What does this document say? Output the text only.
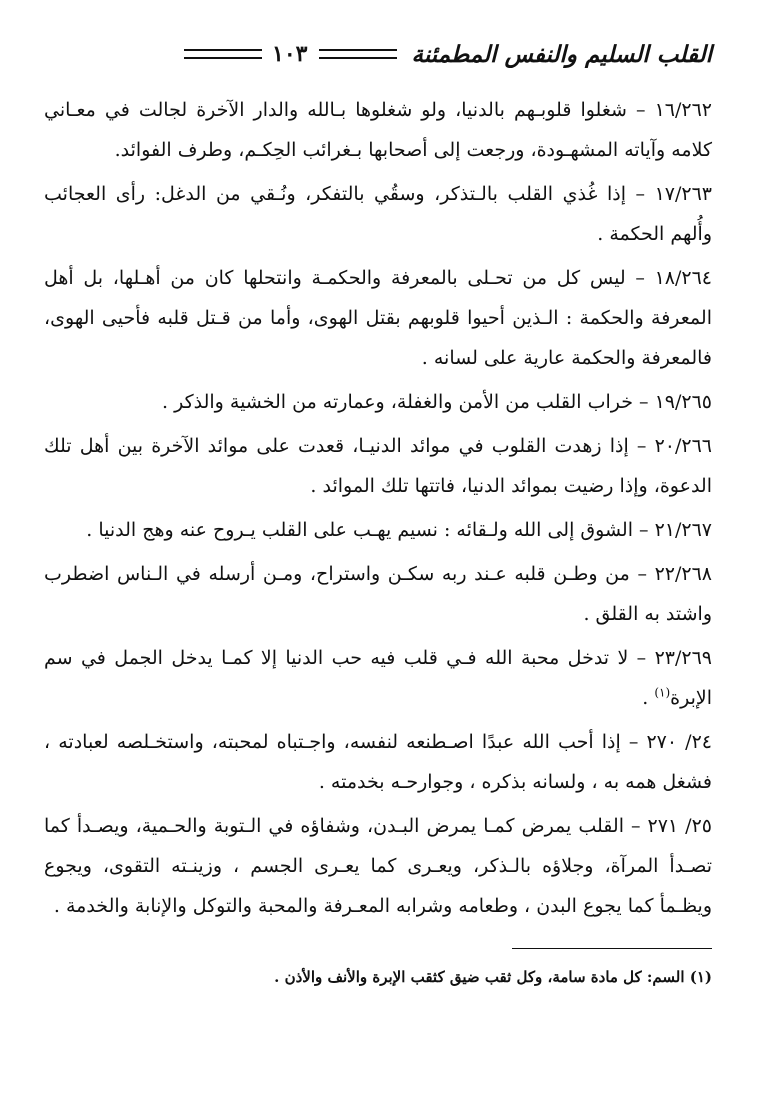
القلب السليم والنفس المطمئنة
١٠٣

١٦/٢٦٢ – شغلوا قلوبـهم بالدنيا، ولو شغلوها بـالله والدار الآخرة لجالت في معـاني كلامه وآياته المشهـودة، ورجعت إلى أصحابها بـغرائب الحِكـم، وطرف الفوائد.

١٧/٢٦٣ – إذا غُذي القلب بالـتذكر، وسقُي بالتفكر، ونُـقي من الدغل: رأى العجائب وأُلهم الحكمة .

١٨/٢٦٤ – ليس كل من تحـلى بالمعرفة والحكمـة وانتحلها كان من أهـلها، بل أهل المعرفة والحكمة : الـذين أحيوا قلوبهم بقتل الهوى، وأما من قـتل قلبه فأحيى الهوى، فالمعرفة والحكمة عارية على لسانه .

١٩/٢٦٥ – خراب القلب من الأمن والغفلة، وعمارته من الخشية والذكر .

٢٠/٢٦٦ – إذا زهدت القلوب في موائد الدنيـا، قعدت على موائد الآخرة بين أهل تلك الدعوة، وإذا رضيت بموائد الدنيا، فاتتها تلك الموائد .

٢١/٢٦٧ – الشوق إلى الله ولـقائه : نسيم يهـب على القلب يـروح عنه وهج الدنيا .

٢٢/٢٦٨ – من وطـن قلبه عـند ربه سكـن واستراح، ومـن أرسله في الـناس اضطرب واشتد به القلق .

٢٣/٢٦٩ – لا تدخل محبة الله فـي قلب فيه حب الدنيا إلا كمـا يدخل الجمل في سم الإبرة$^{(١)}$ .

٢٤/ ٢٧٠ – إذا أحب الله عبدًا اصـطنعه لنفسه، واجـتباه لمحبته، واستخـلصه لعبادته ، فشغل همه به ، ولسانه بذكره ، وجوارحـه بخدمته .

٢٥/ ٢٧١ – القلب يمرض كمـا يمرض البـدن، وشفاؤه في الـتوبة والحـمية، ويصـدأ كما تصـدأ المرآة، وجلاؤه بالـذكر، ويعـرى كما يعـرى الجسم ، وزينـته التقوى، ويجوع ويظـمأ كما يجوع البدن ، وطعامه وشرابه المعـرفة والمحبة والتوكل والإنابة والخدمة .

(١) السم: كل مادة سامة، وكل ثقب ضيق كثقب الإبرة والأنف والأذن .
